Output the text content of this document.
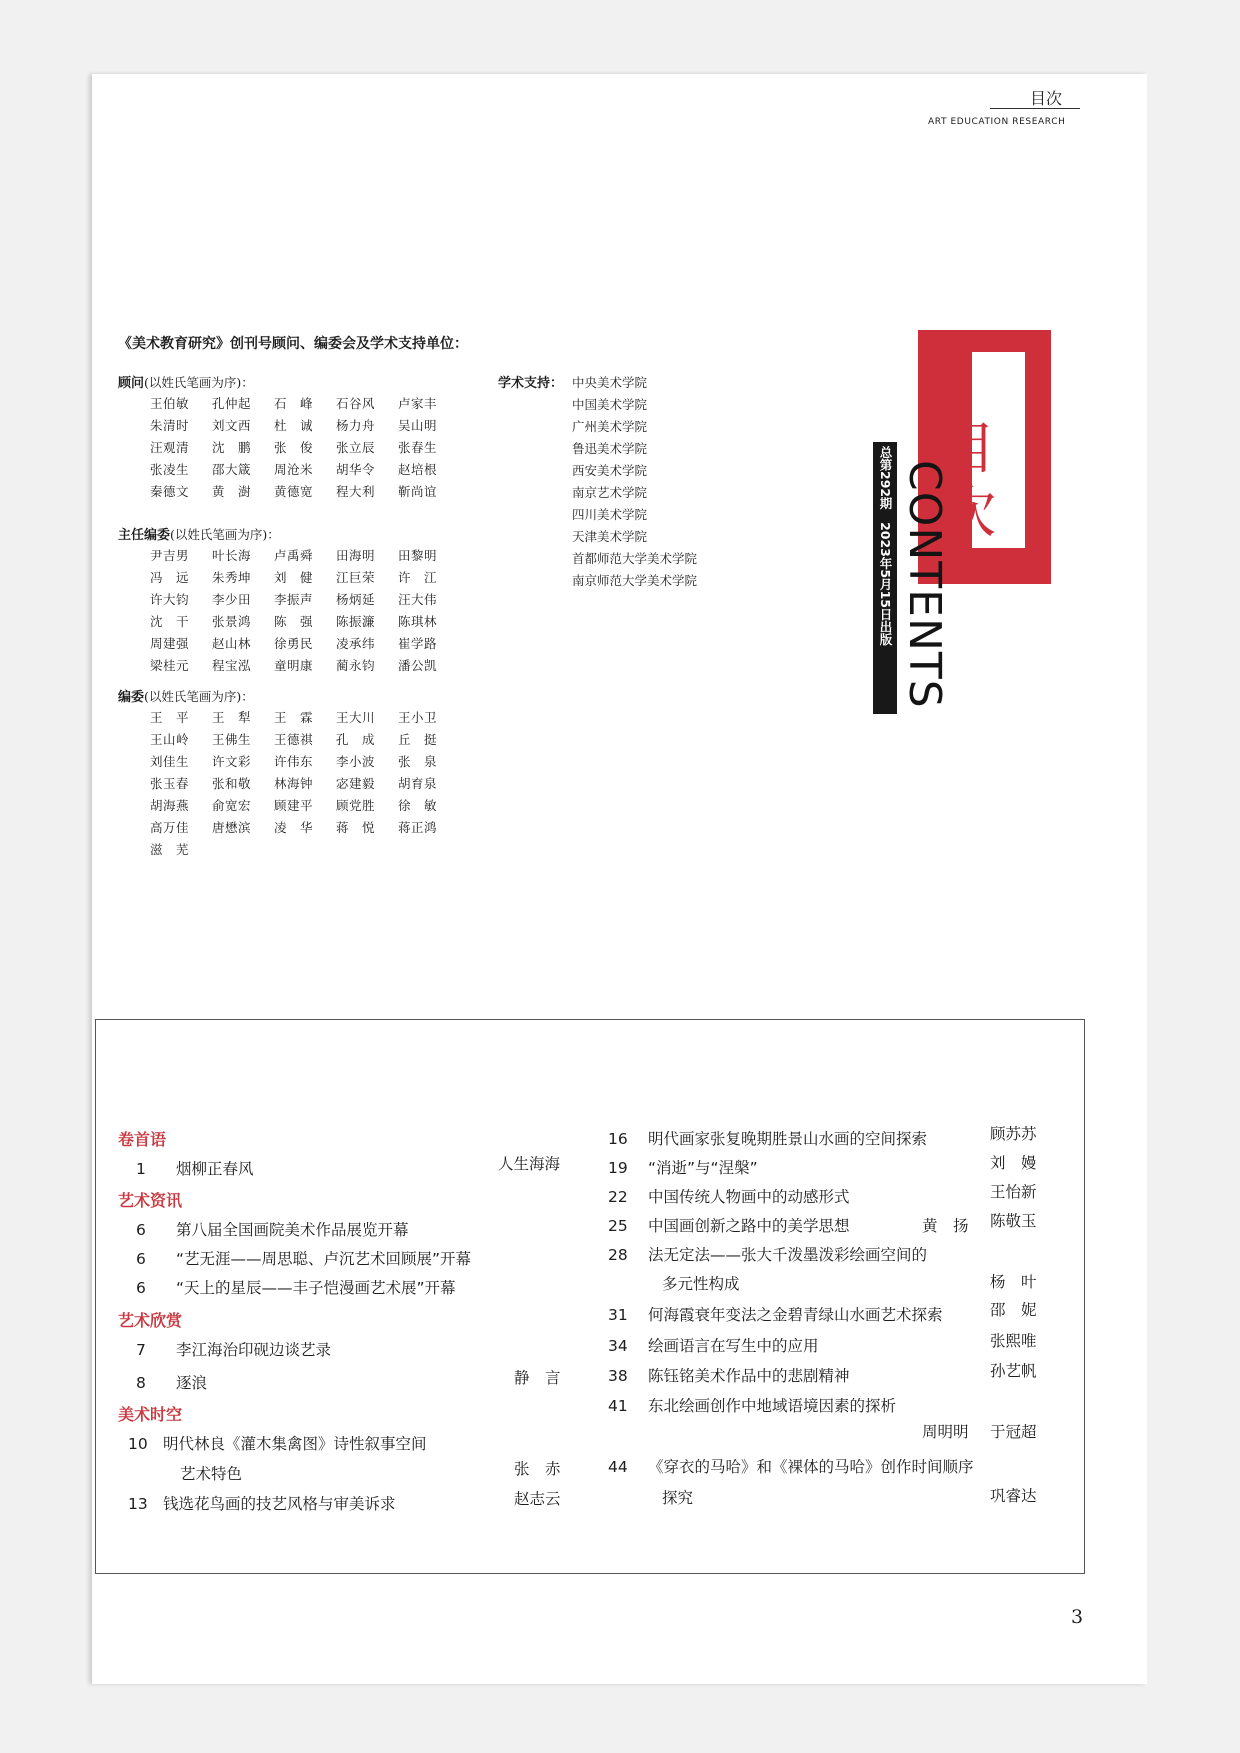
目次
ART EDUCATION RESEARCH
《美术教育研究》创刊号顾问、编委会及学术支持单位：
顾问(以姓氏笔画为序)：
王伯敏	孔仲起	石　峰	石谷风	卢家丰
朱清时	刘文西	杜　诚	杨力舟	吴山明
汪观清	沈　鹏	张　俊	张立辰	张春生
张凌生	邵大箴	周沧米	胡华令	赵培根
秦德文	黄　澍	黄德宽	程大利	靳尚谊
主任编委(以姓氏笔画为序)：
尹吉男	叶长海	卢禹舜	田海明	田黎明
冯　远	朱秀坤	刘　健	江巨荣	许　江
许大钧	李少田	李振声	杨炳延	汪大伟
沈　干	张景鸿	陈　强	陈振濂	陈琪林
周建强	赵山林	徐勇民	凌承纬	崔学路
梁桂元	程宝泓	童明康	蔺永钧	潘公凯
编委(以姓氏笔画为序)：
王　平	王　犁	王　霖	王大川	王小卫
王山岭	王佛生	王德祺	孔　成	丘　挺
刘佳生	许文彩	许伟东	李小波	张　泉
张玉春	张和敬	林海钟	宓建毅	胡育泉
胡海燕	俞宽宏	顾建平	顾党胜	徐　敏
高万佳	唐懋滨	凌　华	蒋　悦	蒋正鸿
滋　芜
学术支持： 中央美术学院
中国美术学院
广州美术学院
鲁迅美术学院
西安美术学院
南京艺术学院
四川美术学院
天津美术学院
首都师范大学美术学院
南京师范大学美术学院
目次
CONTENTS
总第292期　2023年5月15日出版
卷首语
1 烟柳正春风	人生海海
艺术资讯
6 第八届全国画院美术作品展览开幕
6 “艺无涯——周思聪、卢沉艺术回顾展”开幕
6 “天上的星辰——丰子恺漫画艺术展”开幕
艺术欣赏
7 李江海治印砚边谈艺录
8 逐浪	静　言
美术时空
10 明代林良《灌木集禽图》诗性叙事空间
艺术特色	张　赤
13 钱选花鸟画的技艺风格与审美诉求	赵志云
16 明代画家张复晚期胜景山水画的空间探索	顾苏苏
19 “消逝”与“涅槃”	刘　嫚
22 中国传统人物画中的动感形式	王怡新
25 中国画创新之路中的美学思想	黄　扬 陈敬玉
28 法无定法——张大千泼墨泼彩绘画空间的
多元性构成	杨　叶
31 何海霞衰年变法之金碧青绿山水画艺术探索	邵　妮
34 绘画语言在写生中的应用	张熙唯
38 陈钰铭美术作品中的悲剧精神	孙艺帆
41 东北绘画创作中地域语境因素的探析
周明明 于冠超
44 《穿衣的马哈》和《裸体的马哈》创作时间顺序
探究	巩睿达
3
